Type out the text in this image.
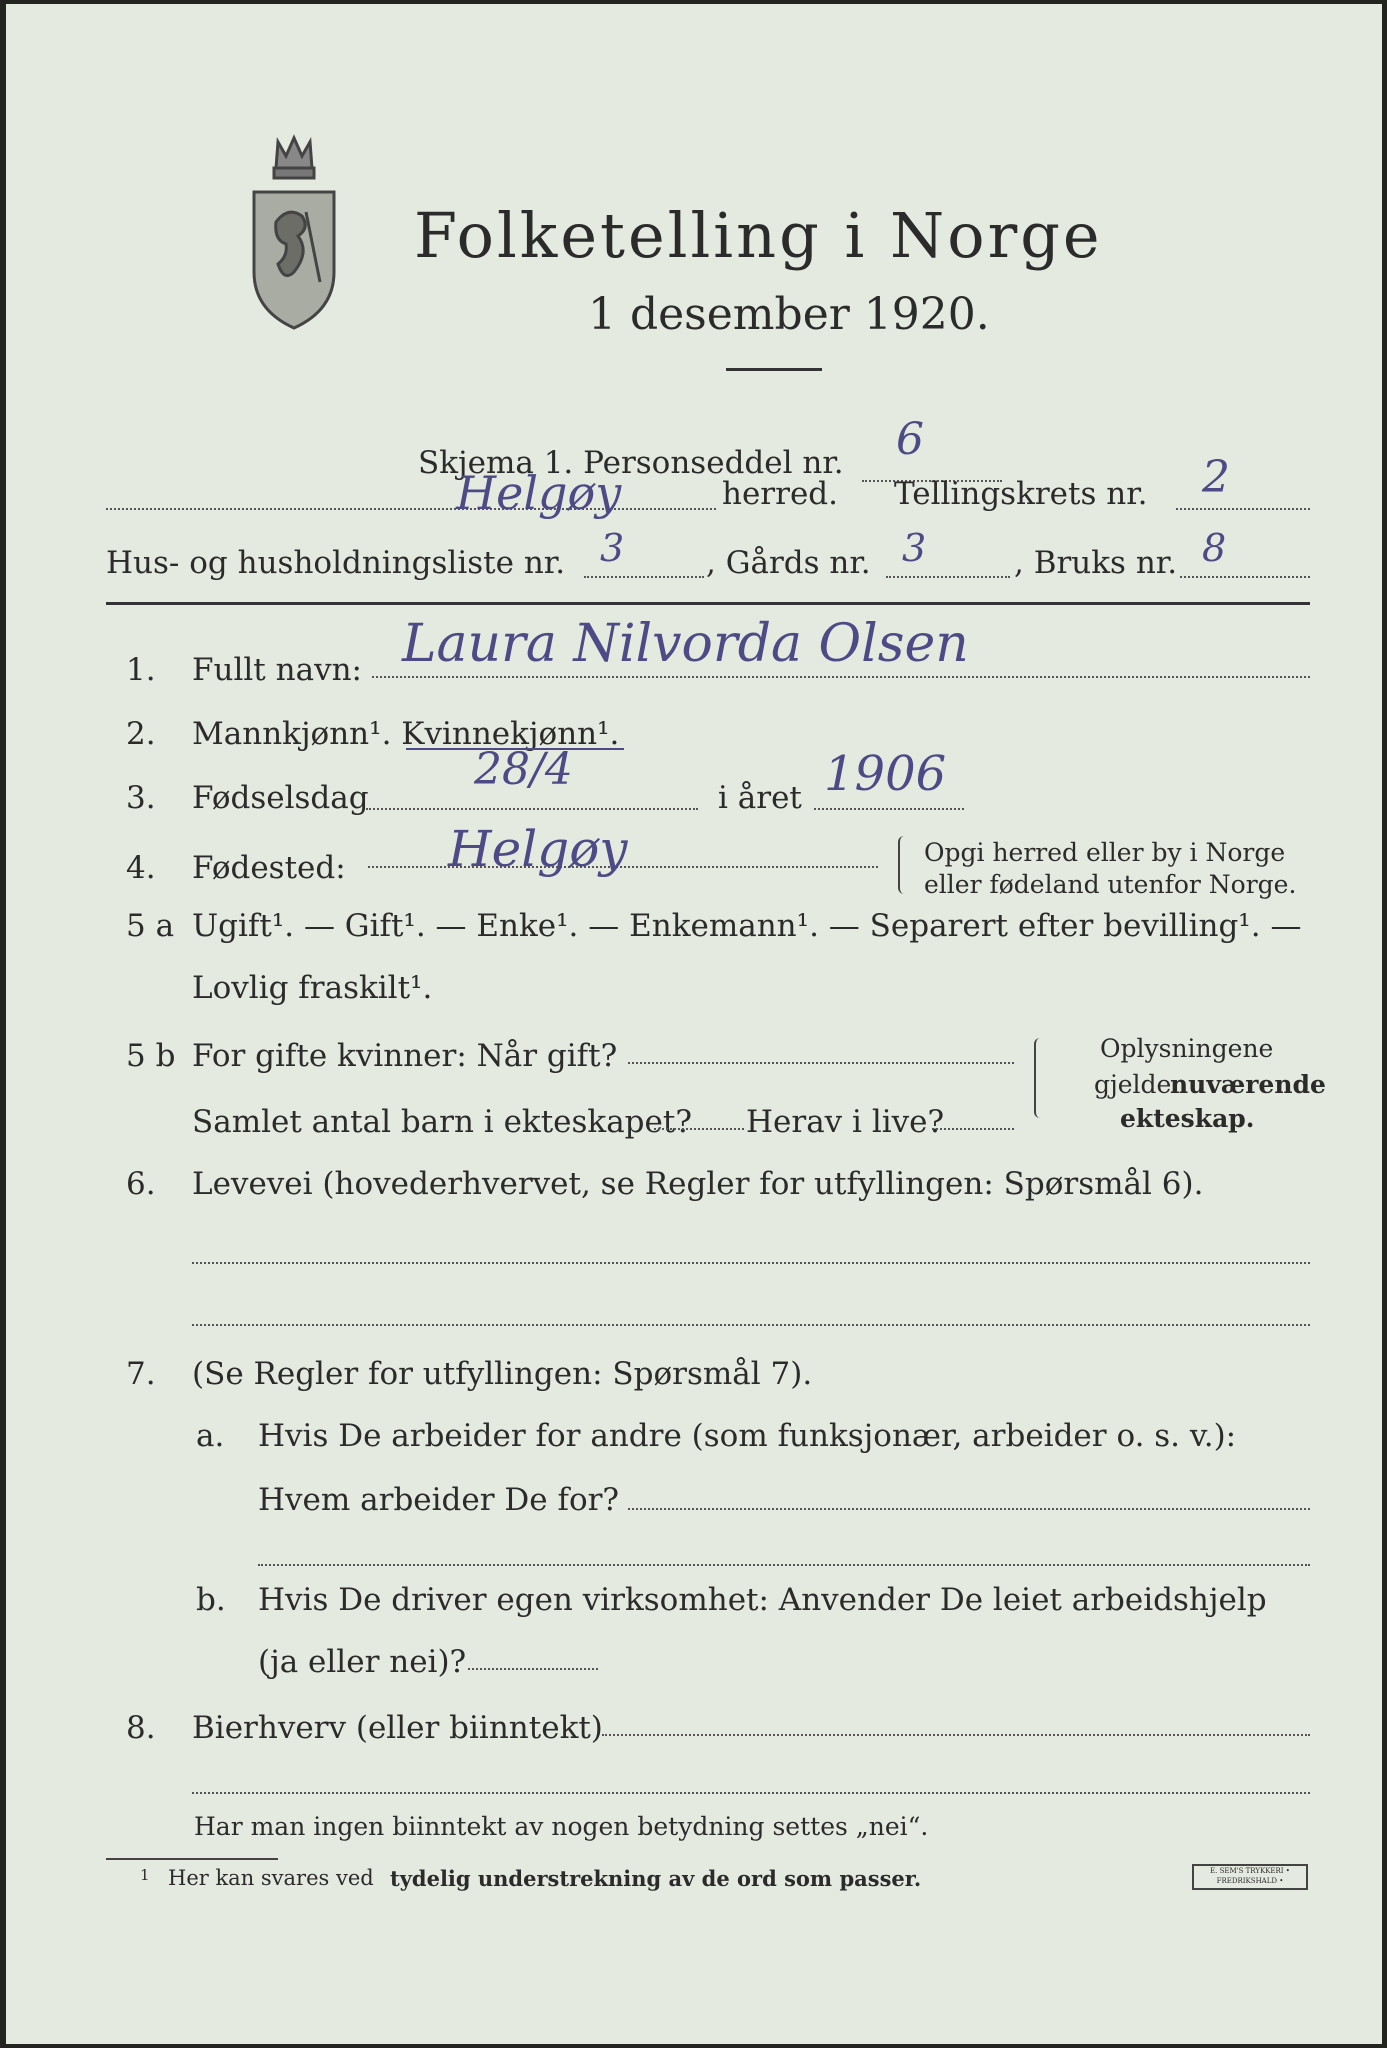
Folketelling i Norge
1 desember 1920.
Skjema 1. Personseddel nr. 6
Helgøy	herred. Tellingskrets nr. 2
Hus- og husholdningsliste nr. 3	, Gårds nr. 3	, Bruks nr. 8
1. Fullt navn: Laura Nilvorda Olsen
2. Mannkjønn¹. Kvinnekjønn¹.
3. Fødselsdag
28/4
i året 1906
4. Fødested: Helgøy	Opgi herred eller by i Norge
eller fødeland utenfor Norge.
5 a Ugift¹. — Gift¹. — Enke¹. — Enkemann¹. — Separert efter bevilling¹. —
Lovlig fraskilt¹.
5 b For gifte kvinner: Når gift?
Samlet antal barn i ekteskapet? Herav i live?
Oplysningene
gjelder
nuværende
ekteskap.
6. Levevei (hovederhvervet, se Regler for utfyllingen: Spørsmål 6).
7. (Se Regler for utfyllingen: Spørsmål 7).
a. Hvis De arbeider for andre (som funksjonær, arbeider o. s. v.):
Hvem arbeider De for?
b. Hvis De driver egen virksomhet: Anvender De leiet arbeidshjelp
(ja eller nei)?
8. Bierhverv (eller biinntekt)
Har man ingen biinntekt av nogen betydning settes „nei“.
1 Her kan svares ved tydelig understrekning av de ord som passer.	E. SEM'S TRYKKERI • FREDRIKSHALD •
